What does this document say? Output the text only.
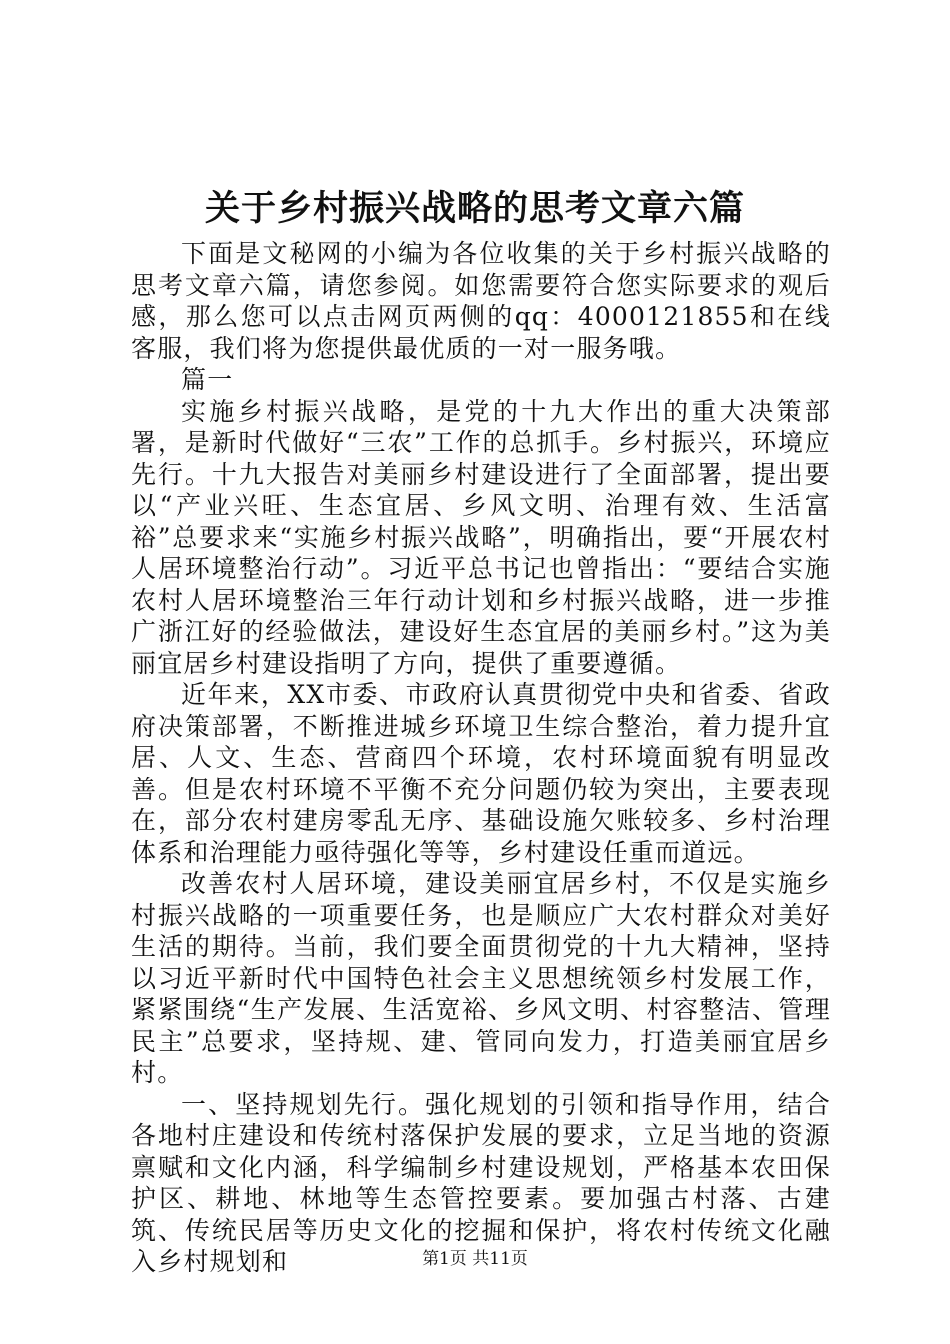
关于乡村振兴战略的思考文章六篇

下面是文秘网的小编为各位收集的关于乡村振兴战略的思考文章六篇，请您参阅。如您需要符合您实际要求的观后感，那么您可以点击网页两侧的qq：4000121855和在线客服，我们将为您提供最优质的一对一服务哦。

篇一

实施乡村振兴战略，是党的十九大作出的重大决策部署，是新时代做好“三农”工作的总抓手。乡村振兴，环境应先行。十九大报告对美丽乡村建设进行了全面部署，提出要以“产业兴旺、生态宜居、乡风文明、治理有效、生活富裕”总要求来“实施乡村振兴战略”，明确指出，要“开展农村人居环境整治行动”。习近平总书记也曾指出：“要结合实施农村人居环境整治三年行动计划和乡村振兴战略，进一步推广浙江好的经验做法，建设好生态宜居的美丽乡村。”这为美丽宜居乡村建设指明了方向，提供了重要遵循。

近年来，XX市委、市政府认真贯彻党中央和省委、省政府决策部署，不断推进城乡环境卫生综合整治，着力提升宜居、人文、生态、营商四个环境，农村环境面貌有明显改善。但是农村环境不平衡不充分问题仍较为突出，主要表现在，部分农村建房零乱无序、基础设施欠账较多、乡村治理体系和治理能力亟待强化等等，乡村建设任重而道远。

改善农村人居环境，建设美丽宜居乡村，不仅是实施乡村振兴战略的一项重要任务，也是顺应广大农村群众对美好生活的期待。当前，我们要全面贯彻党的十九大精神，坚持以习近平新时代中国特色社会主义思想统领乡村发展工作，紧紧围绕“生产发展、生活宽裕、乡风文明、村容整洁、管理民主”总要求，坚持规、建、管同向发力，打造美丽宜居乡村。

一、坚持规划先行。强化规划的引领和指导作用，结合各地村庄建设和传统村落保护发展的要求，立足当地的资源禀赋和文化内涵，科学编制乡村建设规划，严格基本农田保护区、耕地、林地等生态管控要素。要加强古村落、古建筑、传统民居等历史文化的挖掘和保护，将农村传统文化融入乡村规划和	第1页 共11页
